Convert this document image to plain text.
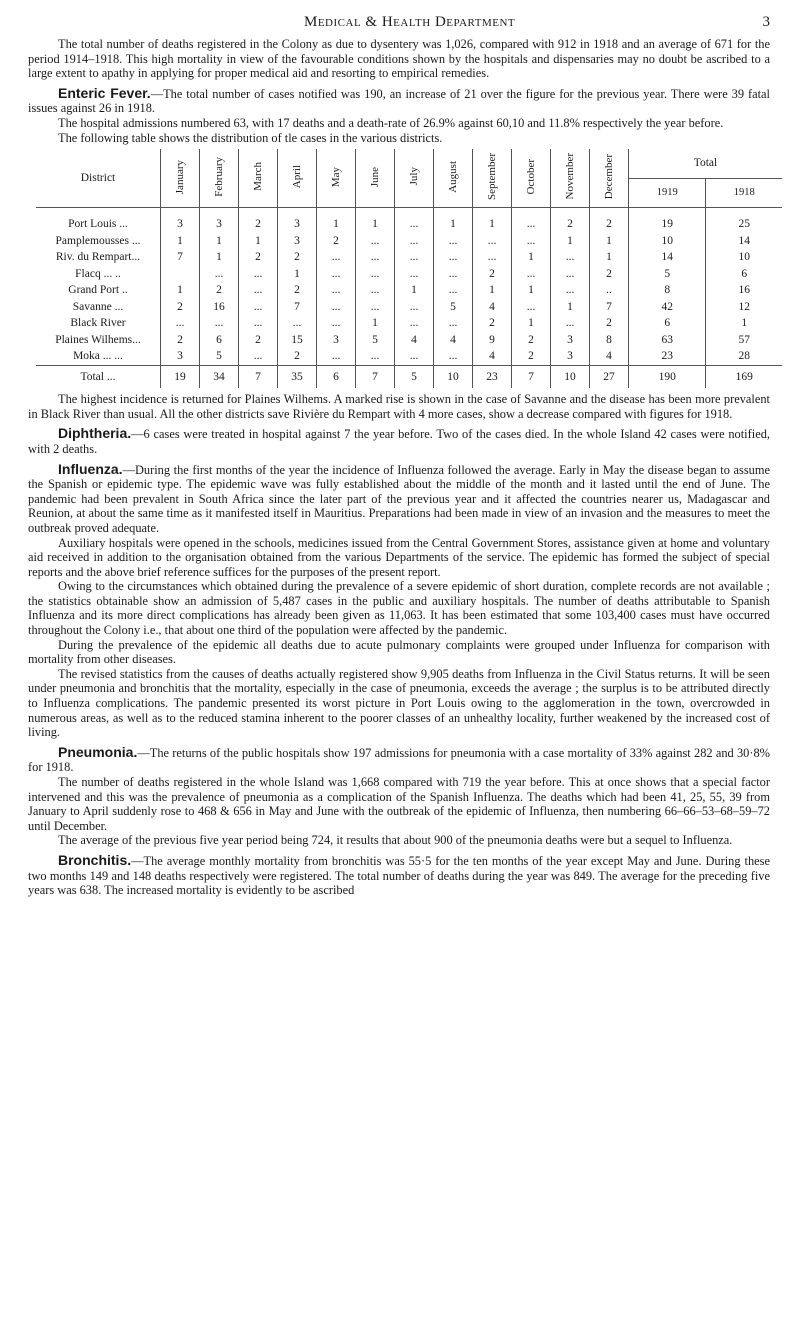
Medical & Health Department	3

The total number of deaths registered in the Colony as due to dysentery was 1,026, compared with 912 in 1918 and an average of 671 for the period 1914–1918. This high mortality in view of the favourable conditions shown by the hospitals and dispensaries may no doubt be ascribed to a large extent to apathy in applying for proper medical aid and resorting to empirical remedies.

Enteric Fever.—The total number of cases notified was 190, an increase of 21 over the figure for the previous year. There were 39 fatal issues against 26 in 1918.

The hospital admissions numbered 63, with 17 deaths and a death-rate of 26.9% against 60,10 and 11.8% respectively the year before.

The following table shows the distribution of tle cases in the various districts.

District	January	February	March	April	May	June	July	August	September	October	November	December	Total	
													1919	1918
Port Louis ...	3	3	2	3	1	1	...	1	1	...	2	2	19	25
Pamplemousses ...	1	1	1	3	2	...	...	...	...	...	1	1	10	14
Riv. du Rempart...	7	1	2	2	...	...	...	...	...	1	...	1	14	10
Flacq ... ..		...	...	1	...	...	...	...	2	...	...	2	5	6
Grand Port ..	1	2	...	2	...	...	1	...	1	1	...	..	8	16
Savanne ...	2	16	...	7	...	...	...	5	4	...	1	7	42	12
Black River	...	...	...	...	...	1	...	...	2	1	...	2	6	1
Plaines Wilhems...	2	6	2	15	3	5	4	4	9	2	3	8	63	57
Moka ... ...	3	5	...	2	...	...	...	...	4	2	3	4	23	28
Total ...	19	34	7	35	6	7	5	10	23	7	10	27	190	169

The highest incidence is returned for Plaines Wilhems. A marked rise is shown in the case of Savanne and the disease has been more prevalent in Black River than usual. All the other districts save Rivière du Rempart with 4 more cases, show a decrease compared with figures for 1918.

Diphtheria.—6 cases were treated in hospital against 7 the year before. Two of the cases died. In the whole Island 42 cases were notified, with 2 deaths.

Influenza.—During the first months of the year the incidence of Influenza followed the average. Early in May the disease began to assume the Spanish or epidemic type. The epidemic wave was fully established about the middle of the month and it lasted until the end of June. The pandemic had been prevalent in South Africa since the later part of the previous year and it affected the countries nearer us, Madagascar and Reunion, at about the same time as it manifested itself in Mauritius. Preparations had been made in view of an invasion and the measures to meet the outbreak proved adequate.

Auxiliary hospitals were opened in the schools, medicines issued from the Central Government Stores, assistance given at home and voluntary aid received in addition to the organisation obtained from the various Departments of the service. The epidemic has formed the subject of special reports and the above brief reference suffices for the purposes of the present report.

Owing to the circumstances which obtained during the prevalence of a severe epidemic of short duration, complete records are not available ; the statistics obtainable show an admission of 5,487 cases in the public and auxiliary hospitals. The number of deaths attributable to Spanish Influenza and its more direct complications has already been given as 11,063. It has been estimated that some 103,400 cases must have occurred throughout the Colony i.e., that about one third of the population were affected by the pandemic.

During the prevalence of the epidemic all deaths due to acute pulmonary complaints were grouped under Influenza for comparison with mortality from other diseases.

The revised statistics from the causes of deaths actually registered show 9,905 deaths from Influenza in the Civil Status returns. It will be seen under pneumonia and bronchitis that the mortality, especially in the case of pneumonia, exceeds the average ; the surplus is to be attributed directly to Influenza complications. The pandemic presented its worst picture in Port Louis owing to the agglomeration in the town, overcrowded in numerous areas, as well as to the reduced stamina inherent to the poorer classes of an unhealthy locality, further weakened by the increased cost of living.

Pneumonia.—The returns of the public hospitals show 197 admissions for pneumonia with a case mortality of 33% against 282 and 30·8% for 1918.

The number of deaths registered in the whole Island was 1,668 compared with 719 the year before. This at once shows that a special factor intervened and this was the prevalence of pneumonia as a complication of the Spanish Influenza. The deaths which had been 41, 25, 55, 39 from January to April suddenly rose to 468 & 656 in May and June with the outbreak of the epidemic of Influenza, then numbering 66–66–53–68–59–72 until December.

The average of the previous five year period being 724, it results that about 900 of the pneumonia deaths were but a sequel to Influenza.

Bronchitis.—The average monthly mortality from bronchitis was 55·5 for the ten months of the year except May and June. During these two months 149 and 148 deaths respectively were registered. The total number of deaths during the year was 849. The average for the preceding five years was 638. The increased mortality is evidently to be ascribed
